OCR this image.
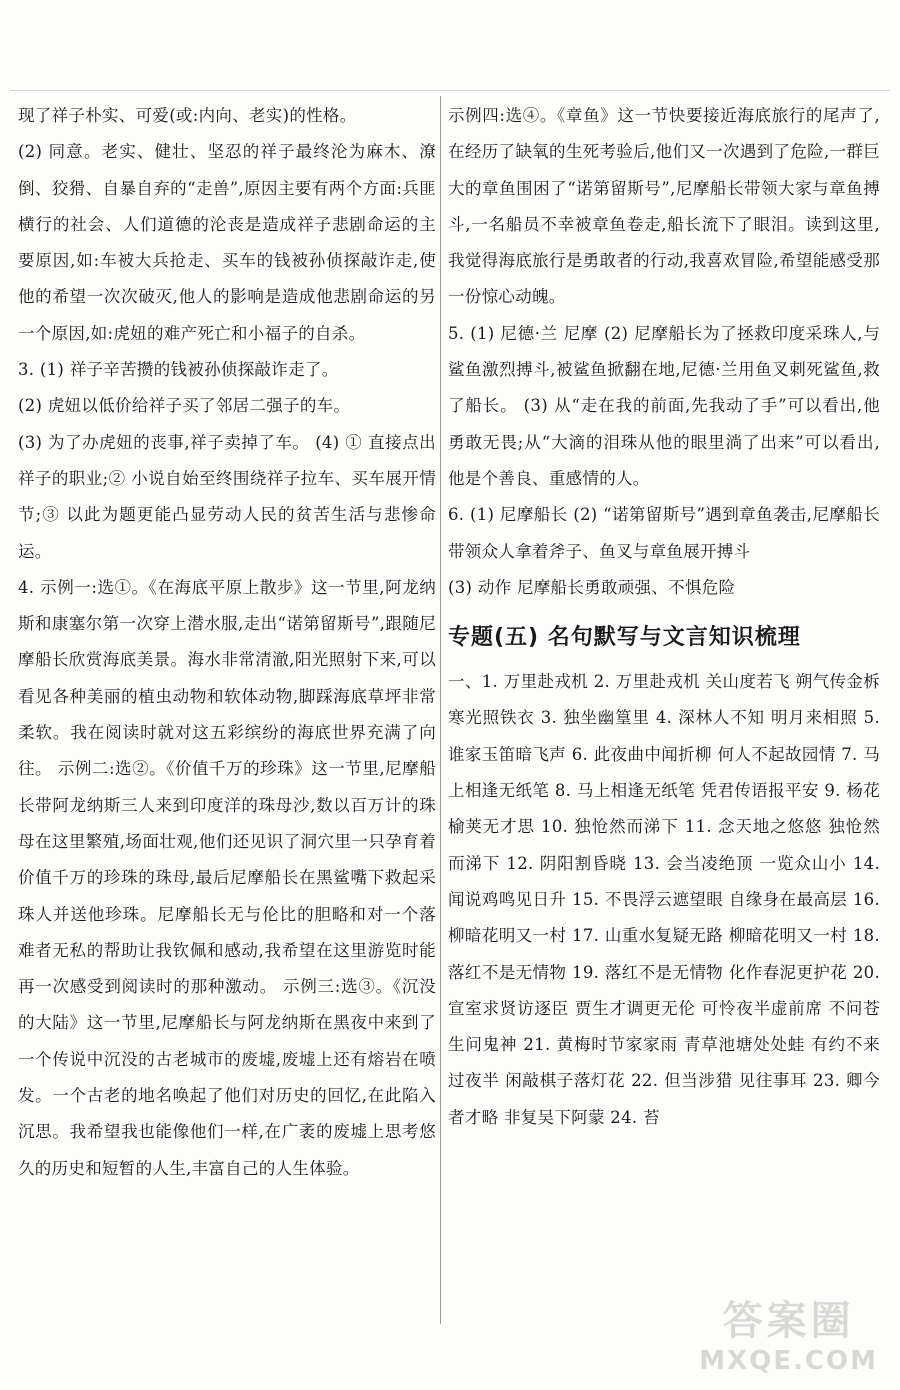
现了祥子朴实、可爱(或:内向、老实)的性格。

(2) 同意。老实、健壮、坚忍的祥子最终沦为麻木、潦倒、狡猾、自暴自弃的“走兽”,原因主要有两个方面:兵匪横行的社会、人们道德的沦丧是造成祥子悲剧命运的主要原因,如:车被大兵抢走、买车的钱被孙侦探敲诈走,使他的希望一次次破灭,他人的影响是造成他悲剧命运的另一个原因,如:虎妞的难产死亡和小福子的自杀。

3. (1) 祥子辛苦攒的钱被孙侦探敲诈走了。

(2) 虎妞以低价给祥子买了邻居二强子的车。

(3) 为了办虎妞的丧事,祥子卖掉了车。 (4) ① 直接点出祥子的职业;② 小说自始至终围绕祥子拉车、买车展开情节;③ 以此为题更能凸显劳动人民的贫苦生活与悲惨命运。

4. 示例一:选①。《在海底平原上散步》这一节里,阿龙纳斯和康塞尔第一次穿上潜水服,走出“诺第留斯号”,跟随尼摩船长欣赏海底美景。海水非常清澈,阳光照射下来,可以看见各种美丽的植虫动物和软体动物,脚踩海底草坪非常柔软。我在阅读时就对这五彩缤纷的海底世界充满了向往。 示例二:选②。《价值千万的珍珠》这一节里,尼摩船长带阿龙纳斯三人来到印度洋的珠母沙,数以百万计的珠母在这里繁殖,场面壮观,他们还见识了洞穴里一只孕育着价值千万的珍珠的珠母,最后尼摩船长在黑鲨嘴下救起采珠人并送他珍珠。尼摩船长无与伦比的胆略和对一个落难者无私的帮助让我钦佩和感动,我希望在这里游览时能再一次感受到阅读时的那种激动。 示例三:选③。《沉没的大陆》这一节里,尼摩船长与阿龙纳斯在黑夜中来到了一个传说中沉没的古老城市的废墟,废墟上还有熔岩在喷发。一个古老的地名唤起了他们对历史的回忆,在此陷入沉思。我希望我也能像他们一样,在广袤的废墟上思考悠久的历史和短暂的人生,丰富自己的人生体验。

示例四:选④。《章鱼》这一节快要接近海底旅行的尾声了,在经历了缺氧的生死考验后,他们又一次遇到了危险,一群巨大的章鱼围困了“诺第留斯号”,尼摩船长带领大家与章鱼搏斗,一名船员不幸被章鱼卷走,船长流下了眼泪。读到这里,我觉得海底旅行是勇敢者的行动,我喜欢冒险,希望能感受那一份惊心动魄。

5. (1) 尼德·兰 尼摩 (2) 尼摩船长为了拯救印度采珠人,与鲨鱼激烈搏斗,被鲨鱼掀翻在地,尼德·兰用鱼叉刺死鲨鱼,救了船长。 (3) 从“走在我的前面,先我动了手”可以看出,他勇敢无畏;从“大滴的泪珠从他的眼里淌了出来”可以看出,他是个善良、重感情的人。

6. (1) 尼摩船长 (2) “诺第留斯号”遇到章鱼袭击,尼摩船长带领众人拿着斧子、鱼叉与章鱼展开搏斗

(3) 动作 尼摩船长勇敢顽强、不惧危险

专题(五) 名句默写与文言知识梳理

一、1. 万里赴戎机 2. 万里赴戎机 关山度若飞 朔气传金柝 寒光照铁衣 3. 独坐幽篁里 4. 深林人不知 明月来相照 5. 谁家玉笛暗飞声 6. 此夜曲中闻折柳 何人不起故园情 7. 马上相逢无纸笔 8. 马上相逢无纸笔 凭君传语报平安 9. 杨花榆荚无才思 10. 独怆然而涕下 11. 念天地之悠悠 独怆然而涕下 12. 阴阳割昏晓 13. 会当凌绝顶 一览众山小 14. 闻说鸡鸣见日升 15. 不畏浮云遮望眼 自缘身在最高层 16. 柳暗花明又一村 17. 山重水复疑无路 柳暗花明又一村 18. 落红不是无情物 19. 落红不是无情物 化作春泥更护花 20. 宣室求贤访逐臣 贾生才调更无伦 可怜夜半虚前席 不问苍生问鬼神 21. 黄梅时节家家雨 青草池塘处处蛙 有约不来过夜半 闲敲棋子落灯花 22. 但当涉猎 见往事耳 23. 卿今者才略 非复吴下阿蒙 24. 苔

答案圈
MXQE.COM
